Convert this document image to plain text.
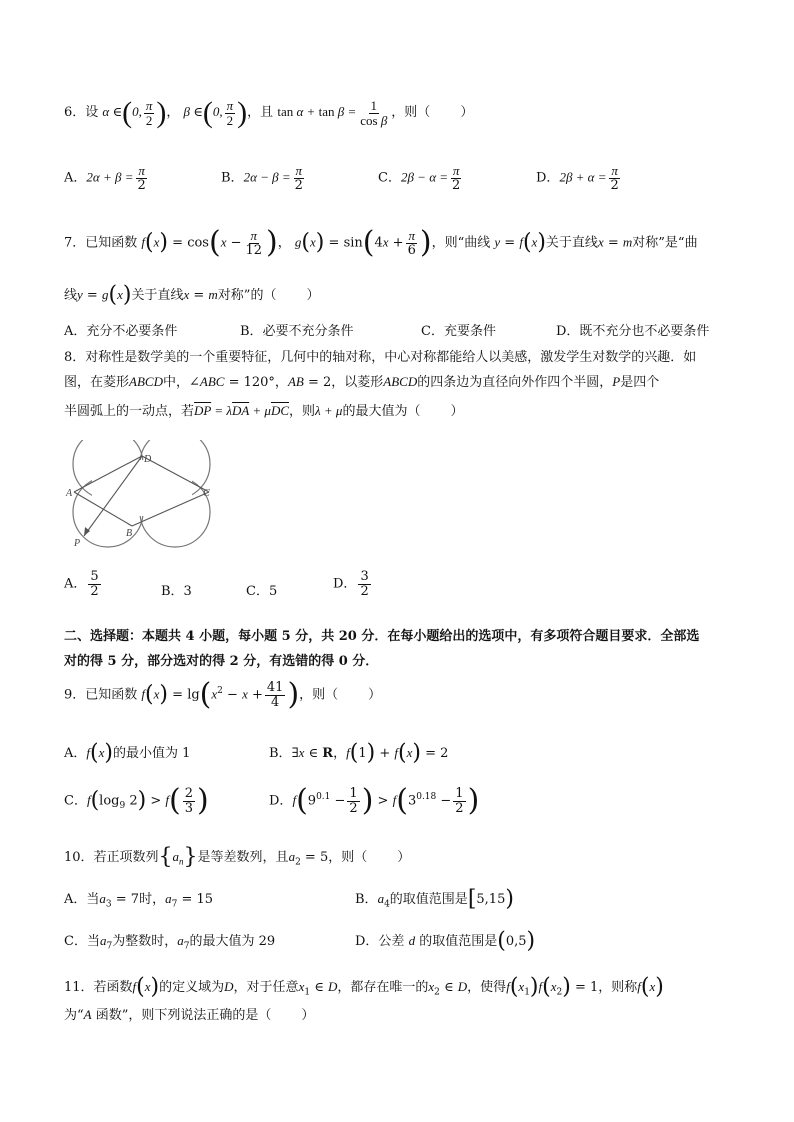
6．设 α ∈(0, $\frac{\pi}{2}$ )， β ∈(0, $\frac{\pi}{2}$ )，且 $\tan \alpha + \tan \beta = \frac{1}{\text{cos β}}$ ，则（ ）
A．$2\alpha + \beta = \frac{\pi}{2}$	B．$2\alpha - \beta = \frac{\pi}{2}$	C．$2\beta - \alpha = \frac{\pi}{2}$	D．$2\beta + \alpha = \frac{\pi}{2}$
7．已知函数 $f(x) = \cos(x - \frac{\pi}{12}$ )， $g(x) = \sin(4x + \frac{\pi}{6}$ )，则“曲线 y = f(x)关于直线x = m对称”是“曲
线y = g(x)关于直线x = m对称”的（ ）
A．充分不必要条件	B．必要不充分条件	C．充要条件	D．既不充分也不必要条件
8．对称性是数学美的一个重要特征，几何中的轴对称，中心对称都能给人以美感，激发学生对数学的兴趣．如
图，在菱形ABCD中，∠ABC = 120°，AB = 2，以菱形ABCD的四条边为直径向外作四个半圆，P是四个
半圆弧上的一动点，若$\overline{DP} = \lambda\overline{DA} + \mu\overline{DC}$，则λ + μ的最大值为（ ）
A
B
C
D
P
A． $\frac{5}{2}$	B．3	C．5	D． $\frac{3}{2}$
二、选择题：本题共 4 小题，每小题 5 分，共 20 分．在每小题给出的选项中，有多项符合题目要求．全部选
对的得 5 分，部分选对的得 2 分，有选错的得 0 分．
9．已知函数 $f(x) = \lg(x^2 - x + \frac{41}{4}$ )，则（ ）
A．f(x)的最小值为 1	B．∃x ∈ R，f(1) + f(x) = 2
C．$f(\log_9$ $2) > f( \frac{2}{3}$ )	D．$f(9^{0.1} - \frac{1}{2}$ ) > $f(3^{0.18} - \frac{1}{2}$ )
10．若正项数列$\{a_n\}$是等差数列，且$a_2 = 5$，则（ ）
A．当$a_3 = 7$时，$a_7 = 15$	B．$a_4$的取值范围是[5,15)
C．当$a_7$为整数时，$a_7$的最大值为 29	D．公差 d 的取值范围是(0,5)
11．若函数f(x)的定义域为D，对于任意$x_1$ ∈ D，都存在唯一的$x_2$ ∈ D，使得$f(x_1)f(x_2) = 1$，则称f(x)
为“A 函数”，则下列说法正确的是（ ）
